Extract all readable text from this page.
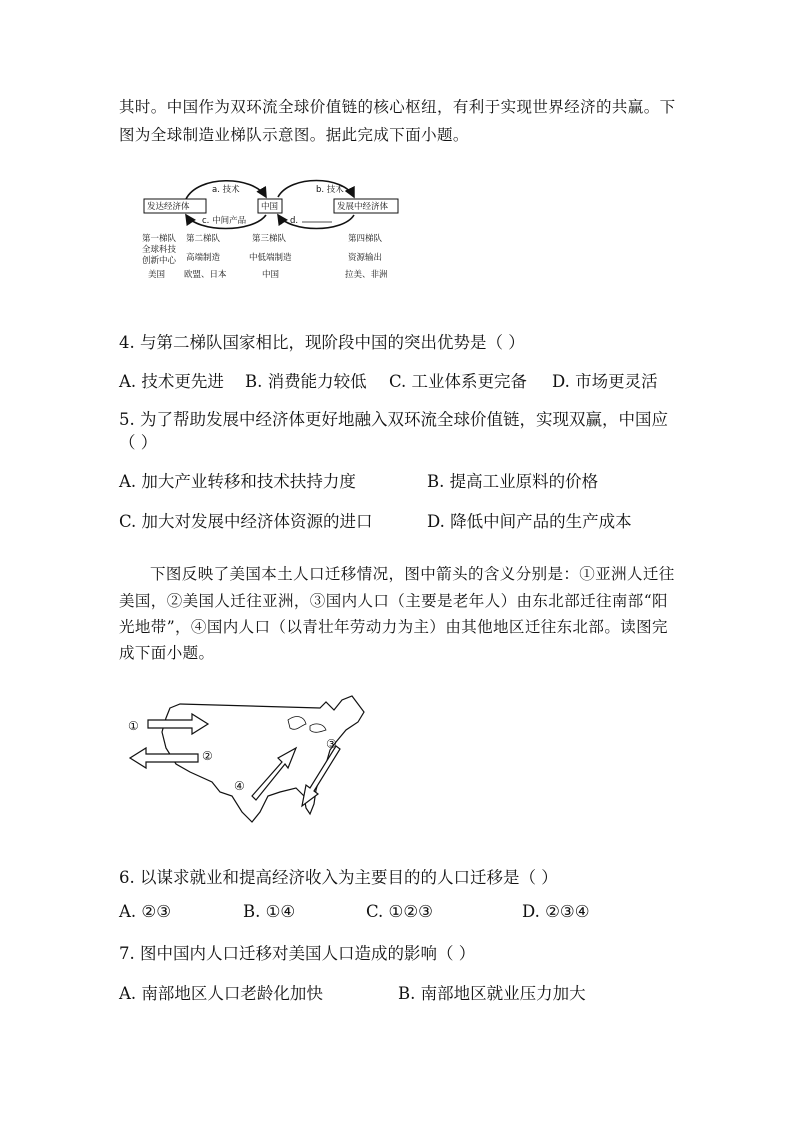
其时。中国作为双环流全球价值链的核心枢纽，有利于实现世界经济的共赢。下
图为全球制造业梯队示意图。据此完成下面小题。
发达经济体	中国	发展中经济体
a. 技术
c. 中间产品
b. 技术
d.
第一梯队
全球科技
创新中心
美国
第二梯队
高端制造
欧盟、日本
第三梯队
中低端制造
中国
第四梯队
资源输出
拉美、非洲
4. 与第二梯队国家相比，现阶段中国的突出优势是（ ）
A. 技术更先进 B. 消费能力较低 C. 工业体系更完备 D. 市场更灵活
5. 为了帮助发展中经济体更好地融入双环流全球价值链，实现双赢，中国应
（ ）
A. 加大产业转移和技术扶持力度	B. 提高工业原料的价格
C. 加大对发展中经济体资源的进口	D. 降低中间产品的生产成本
下图反映了美国本土人口迁移情况，图中箭头的含义分别是：①亚洲人迁往
美国，②美国人迁往亚洲，③国内人口（主要是老年人）由东北部迁往南部“阳
光地带”，④国内人口（以青壮年劳动力为主）由其他地区迁往东北部。读图完
成下面小题。
①
②
③
④
6. 以谋求就业和提高经济收入为主要目的的人口迁移是（ ）
A. ②③	B. ①④	C. ①②③	D. ②③④
7. 图中国内人口迁移对美国人口造成的影响（ ）
A. 南部地区人口老龄化加快	B. 南部地区就业压力加大
